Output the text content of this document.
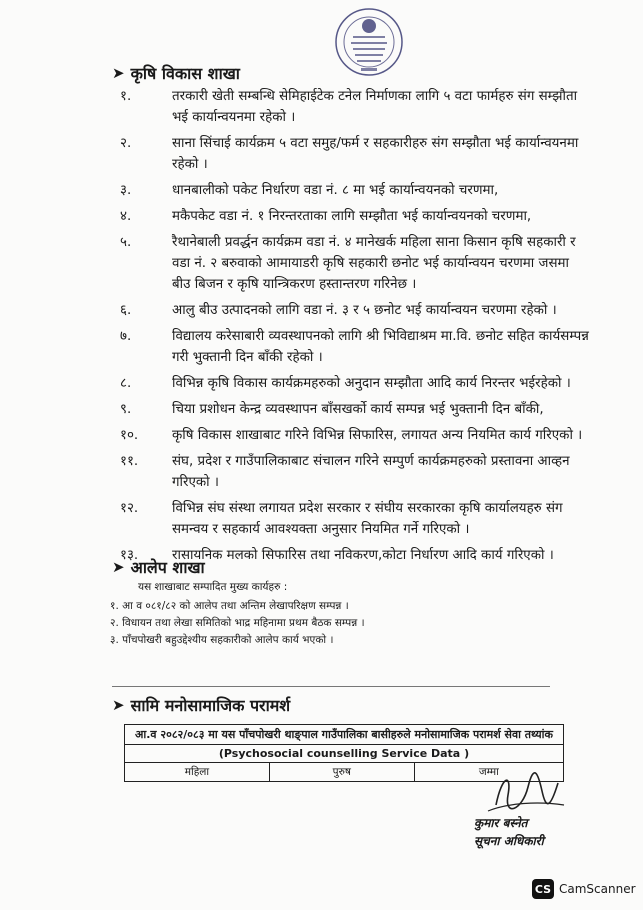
➤ कृषि विकास शाखा
१.	तरकारी खेती सम्बन्धि सेमिहाईटेक टनेल निर्माणका लागि ५ वटा फार्महरु संग सम्झौता भई कार्यान्वयनमा रहेको ।
२.	साना सिंचाई कार्यक्रम ५ वटा समुह/फर्म र सहकारीहरु संग सम्झौता भई कार्यान्वयनमा रहेको ।
३.	धानबालीको पकेट निर्धारण वडा नं. ८ मा भई कार्यान्वयनको चरणमा,
४.	मकैपकेट वडा नं. १ निरन्तरताका लागि सम्झौता भई कार्यान्वयनको चरणमा,
५.	रैथानेबाली प्रवर्द्धन कार्यक्रम वडा नं. ४ मानेखर्क महिला साना किसान कृषि सहकारी र वडा नं. २ बरुवाको आमायाडरी कृषि सहकारी छनोट भई कार्यान्वयन चरणमा जसमा बीउ बिजन र कृषि यान्त्रिकरण हस्तान्तरण गरिनेछ ।
६.	आलु बीउ उत्पादनको लागि वडा नं. ३ र ५ छनोट भई कार्यान्वयन चरणमा रहेको ।
७.	विद्यालय करेसाबारी व्यवस्थापनको लागि श्री भिविद्याश्रम मा.वि. छनोट सहित कार्यसम्पन्न गरी भुक्तानी दिन बाँकी रहेको ।
८.	विभिन्न कृषि विकास कार्यक्रमहरुको अनुदान सम्झौता आदि कार्य निरन्तर भईरहेको ।
९.	चिया प्रशोधन केन्द्र व्यवस्थापन बाँसखर्को कार्य सम्पन्न भई भुक्तानी दिन बाँकी,
१०.	कृषि विकास शाखाबाट गरिने विभिन्न सिफारिस, लगायत अन्य नियमित कार्य गरिएको ।
११.	संघ, प्रदेश र गाउँपालिकाबाट संचालन गरिने सम्पुर्ण कार्यक्रमहरुको प्रस्तावना आव्हन गरिएको ।
१२.	विभिन्न संघ संस्था लगायत प्रदेश सरकार र संघीय सरकारका कृषि कार्यालयहरु संग समन्वय र सहकार्य आवश्यक्ता अनुसार नियमित गर्ने गरिएको ।
१३.	रासायनिक मलको सिफारिस तथा नविकरण,कोटा निर्धारण आदि कार्य गरिएको ।
➤ आलेप शाखा
यस शाखाबाट सम्पादित मुख्य कार्यहरु :
१. आ व ०८१/८२ को आलेप तथा अन्तिम लेखापरिक्षण सम्पन्न ।
२. विधायन तथा लेखा समितिको भाद्र महिनामा प्रथम बैठक सम्पन्न ।
३. पाँचपोखरी बहुउद्देश्यीय सहकारीको आलेप कार्य भएको ।
➤ सामि मनोसामाजिक परामर्श
आ.व २०८२/०८३ मा यस पाँचपोखरी थाङ्पाल गाउँपालिका बासीहरुले मनोसामाजिक परामर्श सेवा तथ्यांक
(Psychosocial counselling Service Data )
महिला	पुरुष	जम्मा
कुमार बस्नेत
सूचना अधिकारी
CS CamScanner
